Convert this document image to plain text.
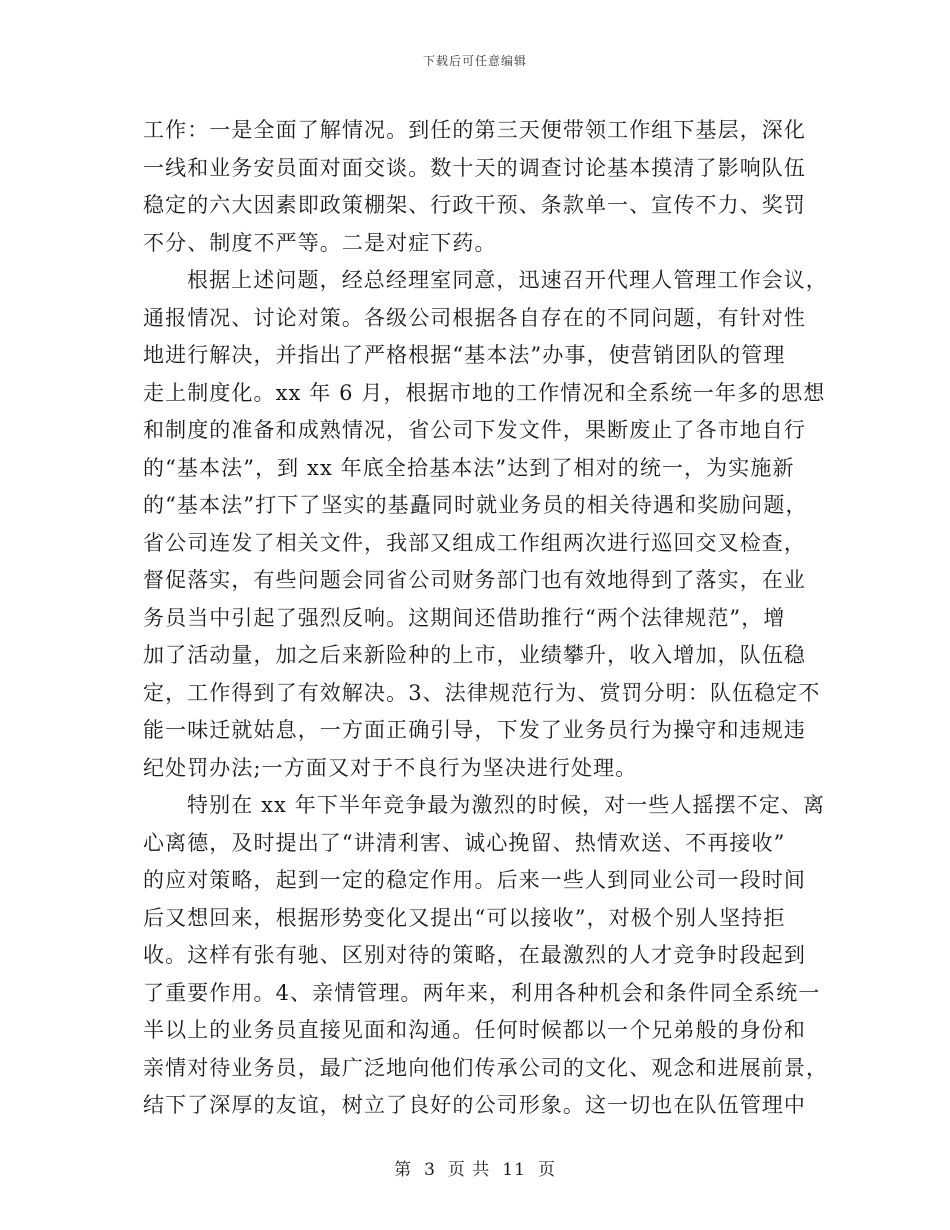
下载后可任意编辑

工作：一是全面了解情况。到任的第三天便带领工作组下基层，深化
一线和业务安员面对面交谈。数十天的调查讨论基本摸清了影响队伍
稳定的六大因素即政策棚架、行政干预、条款单一、宣传不力、奖罚
不分、制度不严等。二是对症下药。

根据上述问题，经总经理室同意，迅速召开代理人管理工作会议，
通报情况、讨论对策。各级公司根据各自存在的不同问题，有针对性
地进行解决，并指出了严格根据“基本法”办事，使营销团队的管理
走上制度化。xx 年 6 月，根据市地的工作情况和全系统一年多的思想
和制度的准备和成熟情况，省公司下发文件，果断废止了各市地自行
的“基本法”，到 xx 年底全拾基本法”达到了相对的统一，为实施新
的“基本法”打下了坚实的基矗同时就业务员的相关待遇和奖励问题，
省公司连发了相关文件，我部又组成工作组两次进行巡回交叉检查，
督促落实，有些问题会同省公司财务部门也有效地得到了落实，在业
务员当中引起了强烈反响。这期间还借助推行“两个法律规范”，增
加了活动量，加之后来新险种的上市，业绩攀升，收入增加，队伍稳
定，工作得到了有效解决。3、法律规范行为、赏罚分明：队伍稳定不
能一味迁就姑息，一方面正确引导，下发了业务员行为操守和违规违
纪处罚办法;一方面又对于不良行为坚决进行处理。

特别在 xx 年下半年竞争最为激烈的时候，对一些人摇摆不定、离
心离德，及时提出了“讲清利害、诚心挽留、热情欢送、不再接收”
的应对策略，起到一定的稳定作用。后来一些人到同业公司一段时间
后又想回来，根据形势变化又提出“可以接收”，对极个别人坚持拒
收。这样有张有驰、区别对待的策略，在最激烈的人才竞争时段起到
了重要作用。4、亲情管理。两年来，利用各种机会和条件同全系统一
半以上的业务员直接见面和沟通。任何时候都以一个兄弟般的身份和
亲情对待业务员，最广泛地向他们传承公司的文化、观念和进展前景，
结下了深厚的友谊，树立了良好的公司形象。这一切也在队伍管理中

第 3 页 共 11 页
